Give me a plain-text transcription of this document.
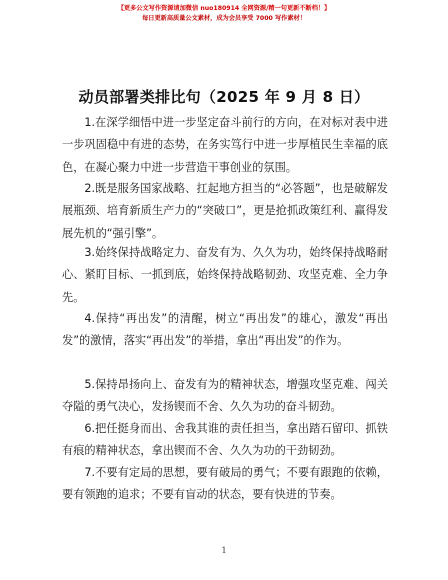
【更多公文写作资源请加微信 nuo180914 全网资源/精一句更新不断档！】
每日更新高质量公文素材，成为会员享受 7000 写作素材！
动员部署类排比句（2025 年 9 月 8 日）
1.在深学细悟中进一步坚定奋斗前行的方向，在对标对表中进一步巩固稳中有进的态势，在务实笃行中进一步厚植民生幸福的底色，在凝心聚力中进一步营造干事创业的氛围。
2.既是服务国家战略、扛起地方担当的“必答题”，也是破解发展瓶颈、培育新质生产力的“突破口”，更是抢抓政策红利、赢得发展先机的“强引擎”。
3.始终保持战略定力、奋发有为、久久为功，始终保持战略耐心、紧盯目标、一抓到底，始终保持战略韧劲、攻坚克难、全力争先。
4.保持“再出发”的清醒，树立“再出发”的雄心，激发“再出发”的激情，落实“再出发”的举措，拿出“再出发”的作为。
5.保持昂扬向上、奋发有为的精神状态，增强攻坚克难、闯关夺隘的勇气决心，发扬锲而不舍、久久为功的奋斗韧劲。
6.把任挺身而出、舍我其谁的责任担当，拿出踏石留印、抓铁有痕的精神状态，拿出锲而不舍、久久为功的干劲韧劲。
7.不要有定局的思想，要有破局的勇气；不要有跟跑的依赖，要有领跑的追求；不要有盲动的状态，要有快进的节奏。
1
